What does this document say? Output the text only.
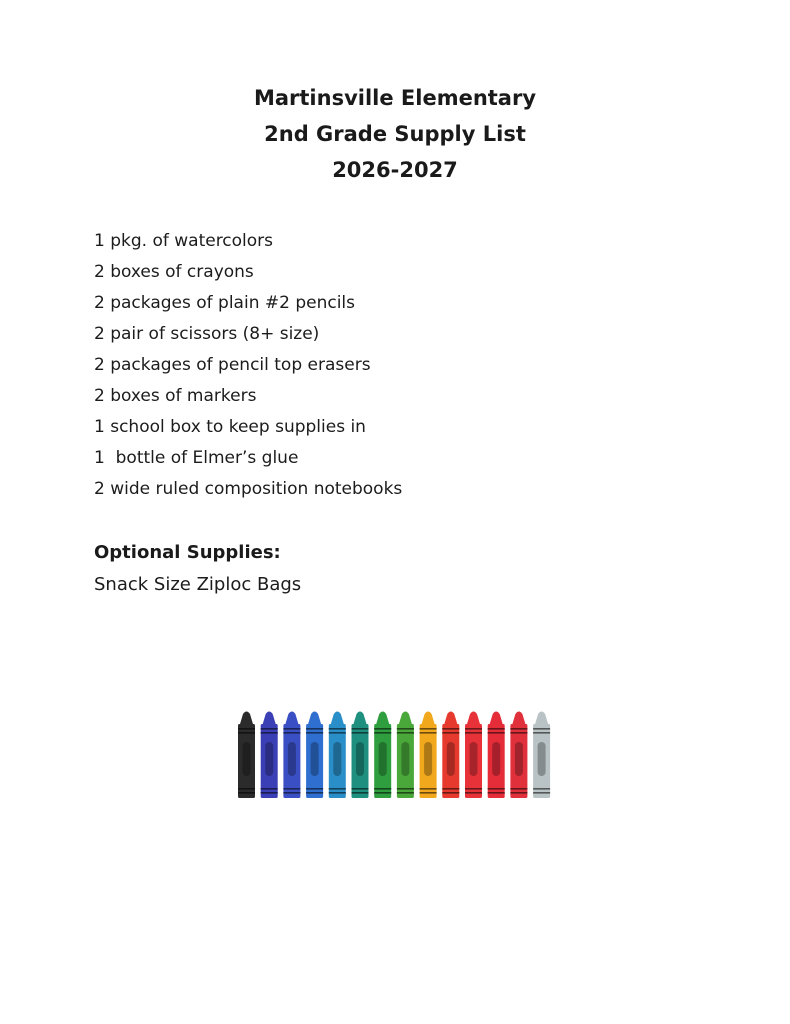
Martinsville Elementary
2nd Grade Supply List
2026-2027
1 pkg. of watercolors
2 boxes of crayons
2 packages of plain #2 pencils
2 pair of scissors (8+ size)
2 packages of pencil top erasers
2 boxes of markers
1 school box to keep supplies in
1  bottle of Elmer’s glue
2 wide ruled composition notebooks
Optional Supplies:
Snack Size Ziploc Bags
